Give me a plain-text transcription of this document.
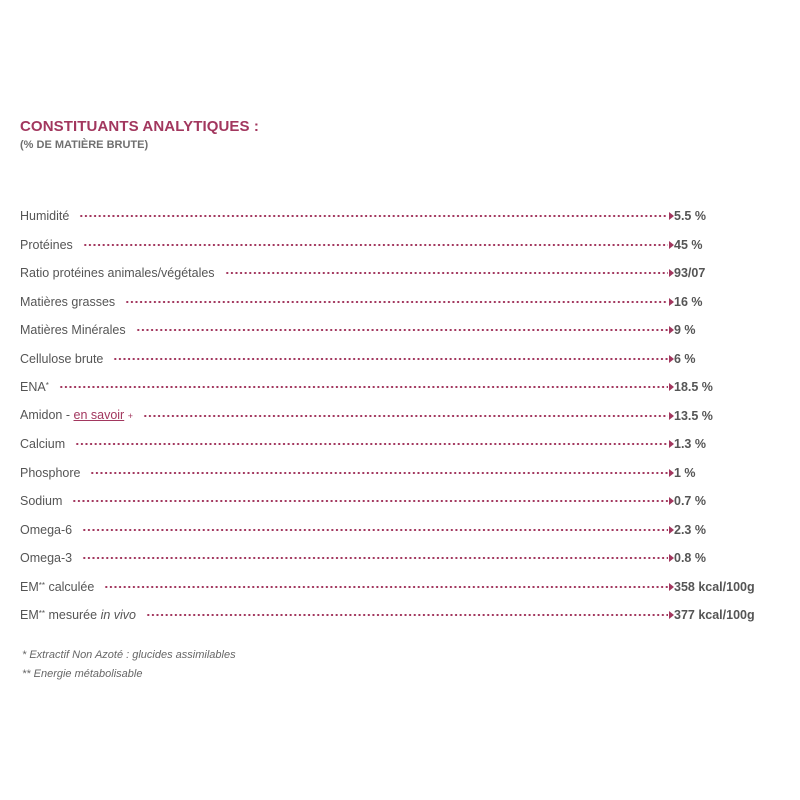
CONSTITUANTS ANALYTIQUES :

(% DE MATIÈRE BRUTE)

Humidité	5.5 %
Protéines	45 %
Ratio protéines animales/végétales	93/07
Matières grasses	16 %
Matières Minérales	9 %
Cellulose brute	6 %
ENA*	18.5 %
Amidon - en savoir +	13.5 %
Calcium	1.3 %
Phosphore	1 %
Sodium	0.7 %
Omega-6	2.3 %
Omega-3	0.8 %
EM** calculée	358 kcal/100g
EM** mesurée in vivo	377 kcal/100g
* Extractif Non Azoté : glucides assimilables
** Energie métabolisable
